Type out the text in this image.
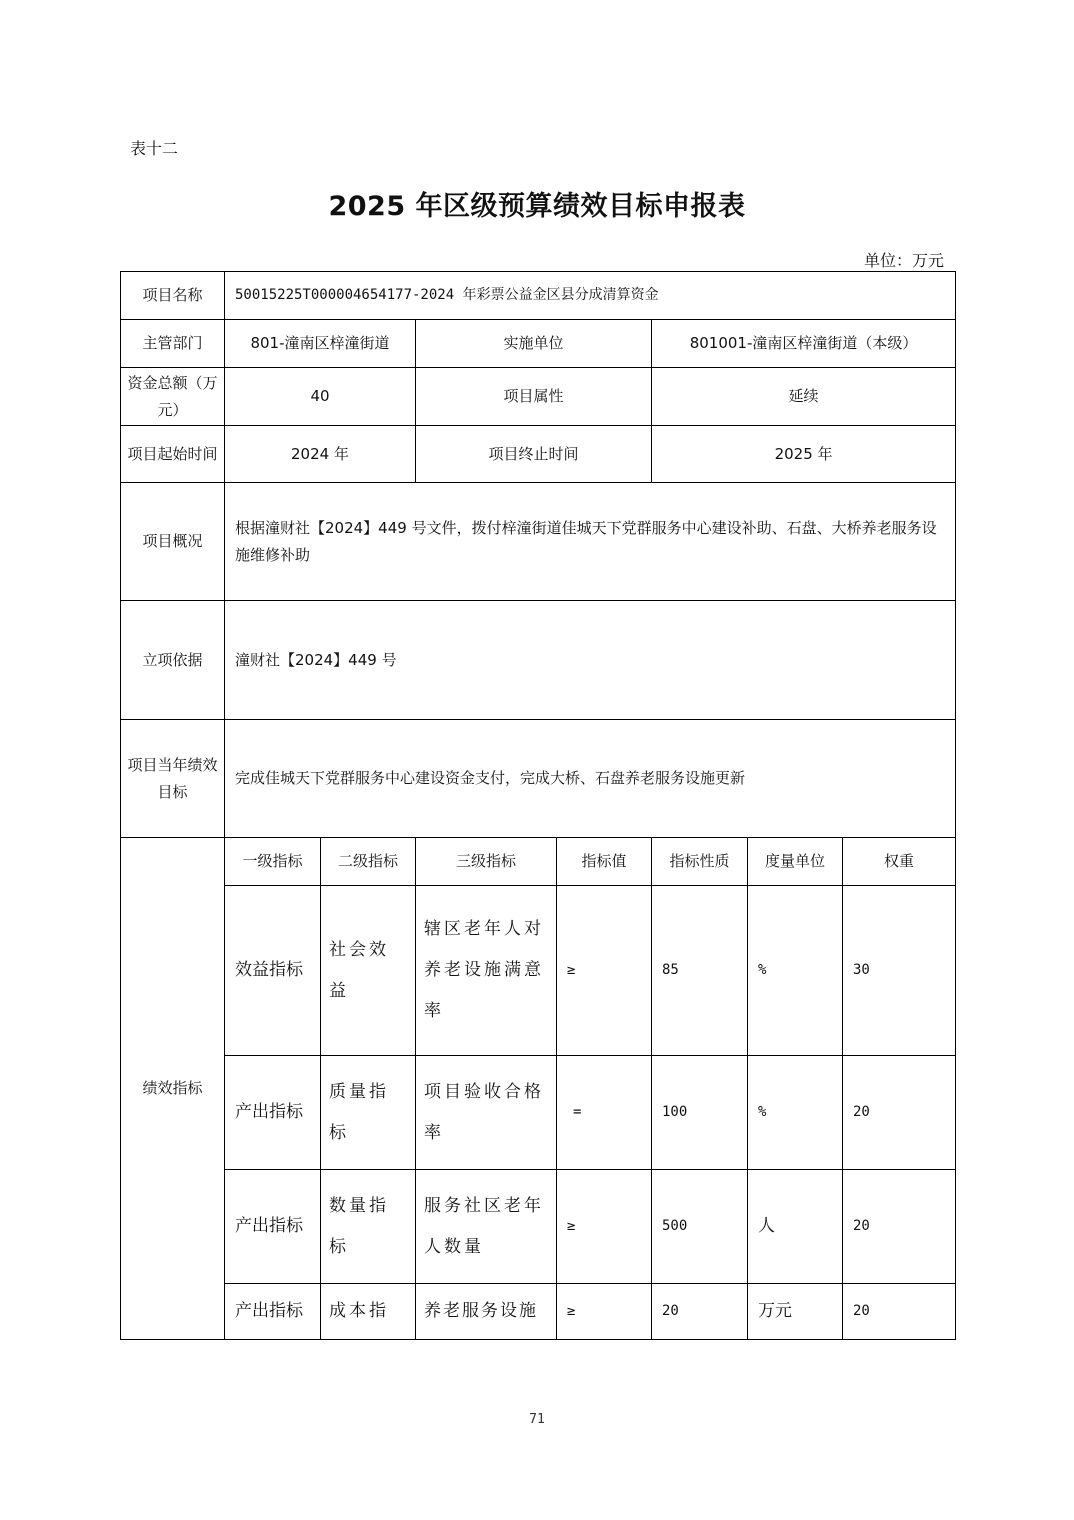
表十二
2025 年区级预算绩效目标申报表
单位：万元
项目名称	50015225T000004654177-2024 年彩票公益金区县分成清算资金						
主管部门	801-潼南区梓潼街道		实施单位		801001-潼南区梓潼街道（本级）		
资金总额（万元）	40		项目属性		延续		
项目起始时间	2024 年		项目终止时间		2025 年		
项目概况	根据潼财社【2024】449 号文件，拨付梓潼街道佳城天下党群服务中心建设补助、石盘、大桥养老服务设施维修补助						
立项依据	潼财社【2024】449 号						
项目当年绩效目标	完成佳城天下党群服务中心建设资金支付，完成大桥、石盘养老服务设施更新						
绩效指标	一级指标	二级指标	三级指标	指标值	指标性质	度量单位	权重
	效益指标	社会效益	辖区老年人对养老设施满意率	≥	85	%	30
	产出指标	质量指标	项目验收合格率	=	100	%	20
	产出指标	数量指标	服务社区老年人数量	≥	500	人	20
	产出指标	成本指	养老服务设施	≥	20	万元	20
71
